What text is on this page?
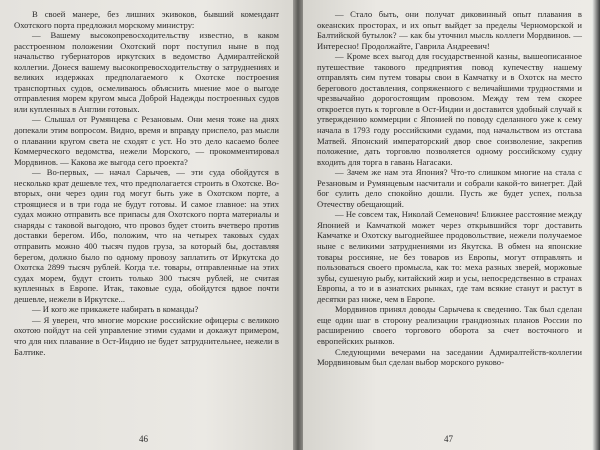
В своей манере, без лишних экивоков, бывший комендант Охотского порта предложил морскому министру:

— Вашему высокопревосходительству известно, в каком расстроенном положении Охотский порт поступил ныне в под начальство губернаторов иркутских в ведомство Адмиралтейской коллегии. Донеся вашему высокопревосходительству о затруднениях и великих издержках предполагаемого к Охотске построения транспортных судов, осмеливаюсь объяснить мнение мое о выгоде отправления морем кругом мыса Доброй Надежды построенных судов или купленных в Англии готовых.

— Слышал от Румянцева с Резановым. Они меня тоже на днях допекали этим вопросом. Видно, время и вправду приспело, раз мысли о плавании кругом света не сходят с уст. Но это дело касаемо более Коммерческого ведомства, нежели Морского, — прокомментировал Мордвинов. — Какова же выгода сего проекта?

— Во-первых, — начал Сарычев, — эти суда обойдутся в несколько крат дешевле тех, что предполагается строить в Охотске. Во-вторых, они через один год могут быть уже в Охотском порте, а строящиеся и в три года не будут готовы. И самое главное: на этих судах можно отправить все припасы для Охотского порта материалы и снаряды с таковой выгодою, что провоз будет стоить вчетверо против доставки берегом. Ибо, положим, что на четырех таковых судах отправить можно 400 тысяч пудов груза, за который бы, доставляя берегом, должно было по одному провозу заплатить от Иркутска до Охотска 2899 тысяч рублей. Когда т.е. товары, отправленные на этих судах морем, будут стоить только 300 тысяч рублей, не считая купленных в Европе. Итак, таковые суда, обойдутся вдвое почти дешевле, нежели в Иркутске...

— И кого же прикажете набирать в команды?

— Я уверен, что многие морские российские офицеры с великою охотою пойдут на сей управление этими судами и докажут примером, что для них плавание в Ост-Индию не будет затруднительнее, нежели в Балтике.

46

— Стало быть, они получат диковинный опыт плавания в океанских просторах, и их опыт выйдет за пределы Черноморской и Балтийской бутылок? — как бы уточнил мысль коллеги Мордвинов. — Интересно! Продолжайте, Гаврила Андреевич!

— Кроме всех выгод для государственной казны, вышеописанное путешествие такового предприятия повод купечеству нашему отправлять сим путем товары свои в Камчатку и в Охотск на место берегового доставления, сопряженного с величайшими трудностями и чрезвычайно дорогостоящим провозом. Между тем тем скорее откроется путь к торговле в Ост-Индии и доставится удобный случай к утверждению коммерции с Японией по поводу сделанного уже к сему начала в 1793 году российскими судами, под начальством из отстава Матвей. Японский императорский двор свое соизволение, закрепив положение, дать торговлю позволяется одному российскому судну входить для торга в гавань Нагасаки.

— Зачем же нам эта Япония? Что-то слишком многие на стала с Резановым и Румянцевым насчитали и собрали какой-то винегрет. Дай бог сулить дело спокойно дошли. Пусть же будет успех, польза Отечеству обещающий.

— Не совсем так, Николай Семенович! Ближнее расстояние между Японией и Камчаткой может через открывшийся торг доставить Камчатке и Охотску выгоднейшее продовольствие, нежели получаемое ныне с великими затруднениями из Якутска. В обмен на японские товары россияне, не без товаров из Европы, могут отправлять и пользоваться своего промысла, как то: меха разных зверей, моржовые зубы, сушеную рыбу, китайский жир и усы, непосредственно в странах Европы, а то и в азиатских рынках, где там всякие станут и растут в десятки раз ниже, чем в Европе.

Мордвинов принял доводы Сарычева к сведению. Так был сделан еще один шаг в сторону реализации грандиозных планов России по расширению своего торгового оборота за счет восточного и европейских рынков.

Следующими вечерами на заседании Адмиралтейств-коллегии Мордвиновым был сделан выбор морского руково-

47
